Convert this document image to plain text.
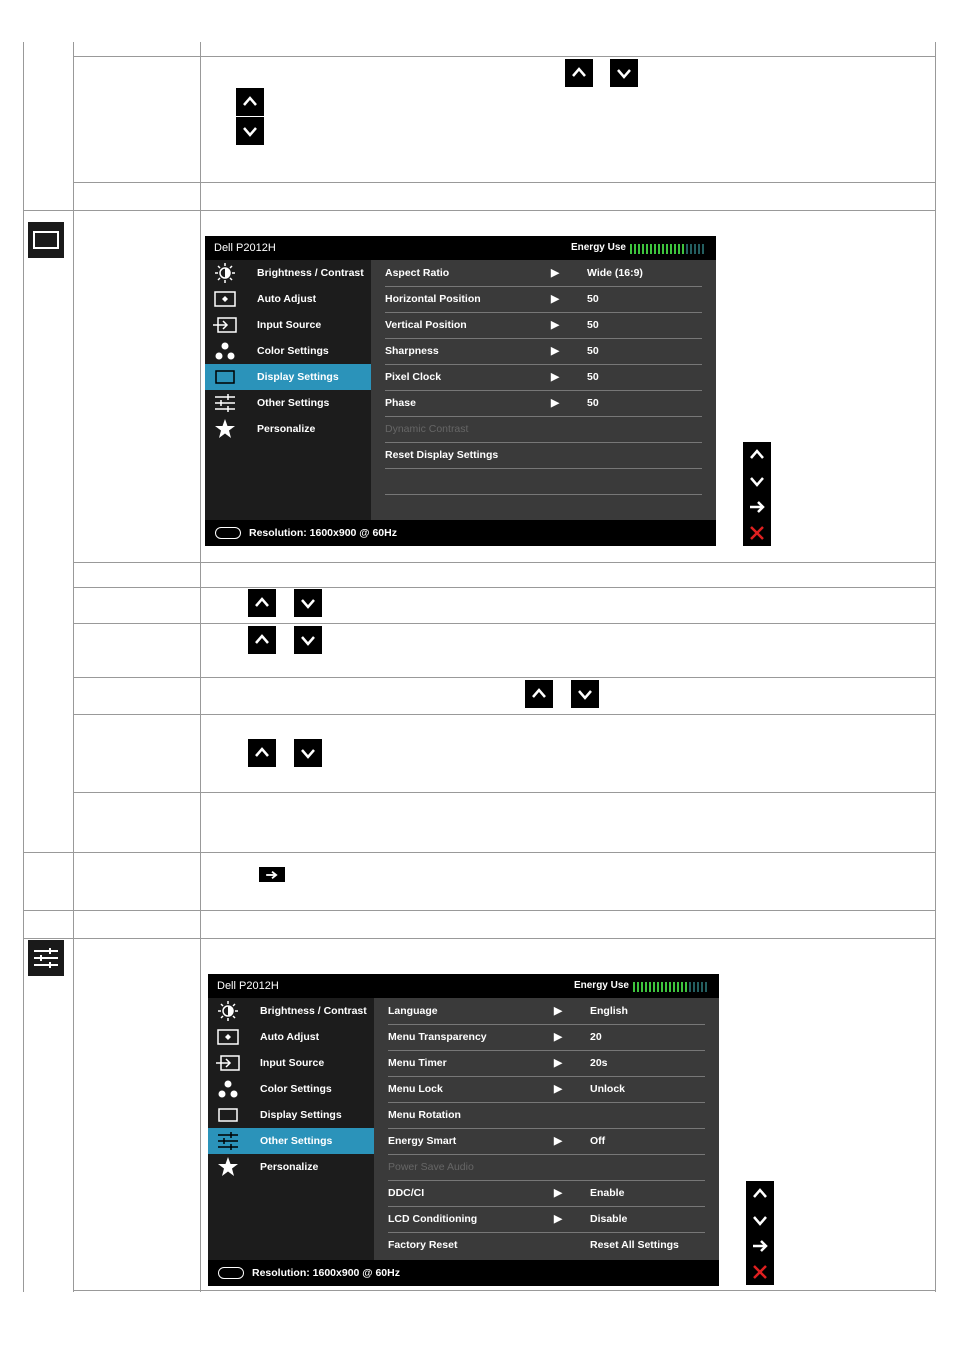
Dell P2012H	Energy Use
Brightness / Contrast
Auto Adjust
Input Source
Color Settings
Display Settings
Other Settings
Personalize
Aspect Ratio	▶	Wide (16:9)
Horizontal Position	▶	50
Vertical Position	▶	50
Sharpness	▶	50
Pixel Clock	▶	50
Phase	▶	50
Dynamic Contrast
Reset Display Settings
Resolution: 1600x900 @ 60Hz
Dell P2012H	Energy Use
Brightness / Contrast
Auto Adjust
Input Source
Color Settings
Display Settings
Other Settings
Personalize
Language	▶	English
Menu Transparency	▶	20
Menu Timer	▶	20s
Menu Lock	▶	Unlock
Menu Rotation
Energy Smart	▶	Off
Power Save Audio
DDC/CI	▶	Enable
LCD Conditioning	▶	Disable
Factory Reset	Reset All Settings
Resolution: 1600x900 @ 60Hz
